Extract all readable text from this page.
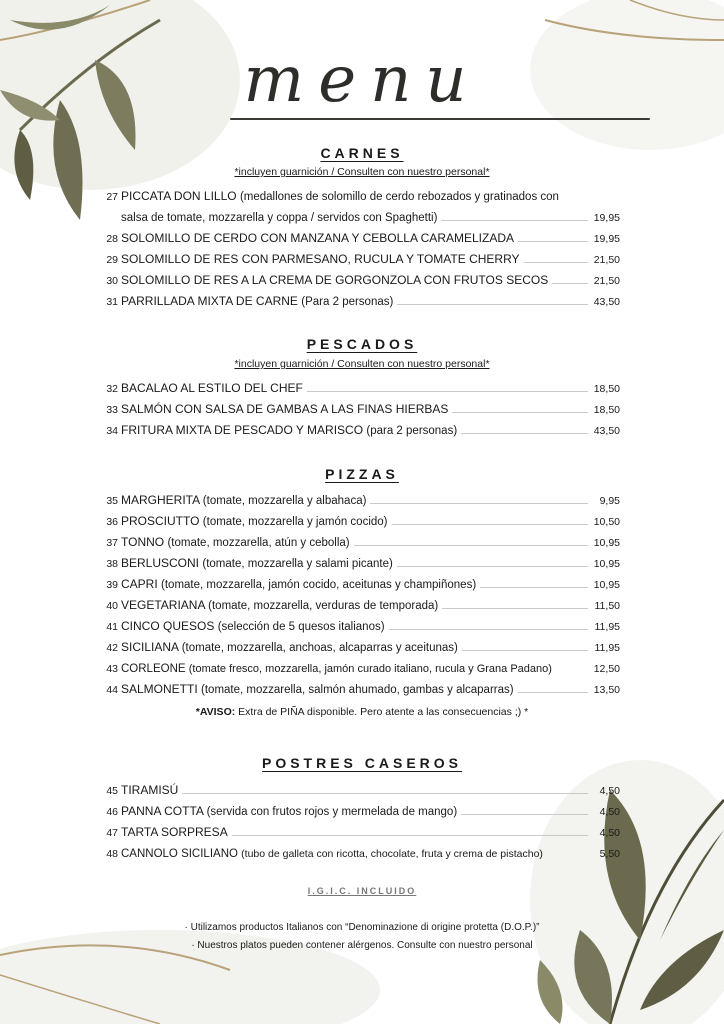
menu
CARNES
*incluyen guarnición / Consulten con nuestro personal*
27 PICCATA DON LILLO (medallones de solomillo de cerdo rebozados y gratinados con
salsa de tomate, mozzarella y coppa / servidos con Spaghetti)	19,95
28 SOLOMILLO DE CERDO CON MANZANA Y CEBOLLA CARAMELIZADA	19,95
29 SOLOMILLO DE RES CON PARMESANO, RUCULA Y TOMATE CHERRY	21,50
30 SOLOMILLO DE RES A LA CREMA DE GORGONZOLA CON FRUTOS SECOS	21,50
31 PARRILLADA MIXTA DE CARNE (Para 2 personas)	43,50
PESCADOS
*incluyen guarnición / Consulten con nuestro personal*
32 BACALAO AL ESTILO DEL CHEF	18,50
33 SALMÓN CON SALSA DE GAMBAS A LAS FINAS HIERBAS	18,50
34 FRITURA MIXTA DE PESCADO Y MARISCO (para 2 personas)	43,50
PIZZAS
35 MARGHERITA (tomate, mozzarella y albahaca)	9,95
36 PROSCIUTTO (tomate, mozzarella y jamón cocido)	10,50
37 TONNO (tomate, mozzarella, atún y cebolla)	10,95
38 BERLUSCONI (tomate, mozzarella y salami picante)	10,95
39 CAPRI (tomate, mozzarella, jamón cocido, aceitunas y champiñones)	10,95
40 VEGETARIANA (tomate, mozzarella, verduras de temporada)	11,50
41 CINCO QUESOS (selección de 5 quesos italianos)	11,95
42 SICILIANA (tomate, mozzarella, anchoas, alcaparras y aceitunas)	11,95
43 CORLEONE (tomate fresco, mozzarella, jamón curado italiano, rucula y Grana Padano)	12,50
44 SALMONETTI (tomate, mozzarella, salmón ahumado, gambas y alcaparras)	13,50
*AVISO: Extra de PIÑA disponible. Pero atente a las consecuencias ;) *
POSTRES CASEROS
45 TIRAMISÚ	4,50
46 PANNA COTTA (servida con frutos rojos y mermelada de mango)	4,50
47 TARTA SORPRESA	4,50
48 CANNOLO SICILIANO (tubo de galleta con ricotta, chocolate, fruta y crema de pistacho)	5,50
I.G.I.C. INCLUIDO
· Utilizamos productos Italianos con “Denominazione di origine protetta (D.O.P.)”
· Nuestros platos pueden contener alérgenos. Consulte con nuestro personal
